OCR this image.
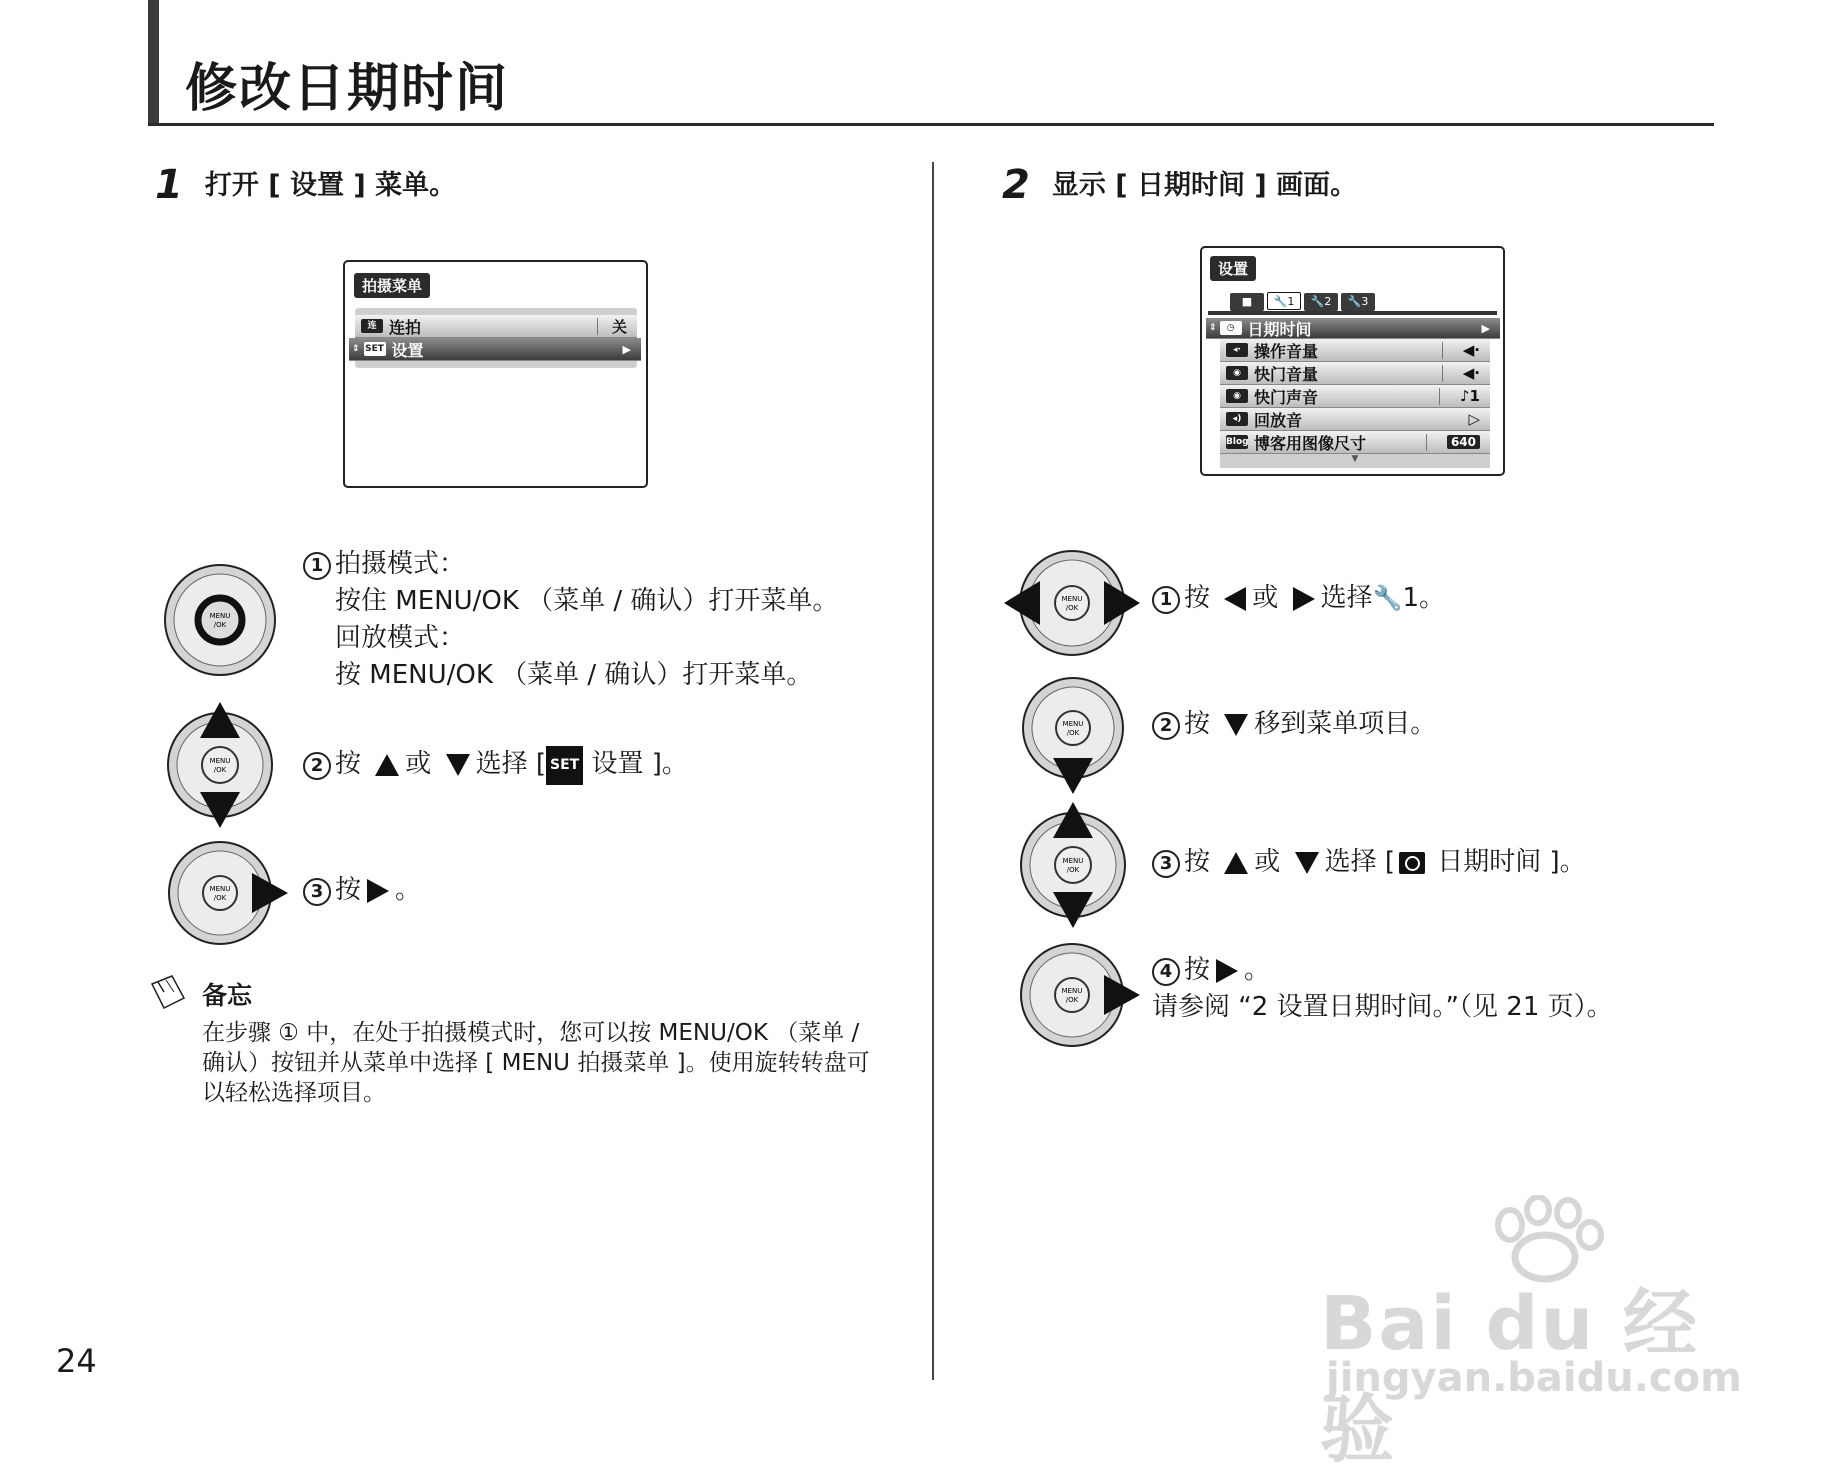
修改日期时间
1 打开 [ 设置 ] 菜单。
拍摄菜单
连 连拍	关
⇕ SET 设置	▶
MENU
/OK
1 拍摄模式：
按住 MENU/OK （菜单 / 确认）打开菜单。
回放模式：
按 MENU/OK （菜单 / 确认）打开菜单。
MENU
/OK	2 按 或 选择 [ SET 设置 ]。
MENU
/OK	3 按 。
备忘
在步骤 ① 中，在处于拍摄模式时，您可以按 MENU/OK （菜单 / 确认）按钮并从菜单中选择 [ MENU 拍摄菜单 ]。使用旋转转盘可以轻松选择项目。
2 显示 [ 日期时间 ] 画面。
设置
■ 🔧1 🔧2 🔧3
⇕	◷ 日期时间	▶
◂· 操作音量	◀·
◉ 快门音量	◀·
◉ 快门声音	♪1
◂) 回放音	▷
Blog 博客用图像尺寸	640
▼
MENU
/OK	1 按 或 选择🔧1。
MENU
/OK	2 按 移到菜单项目。
MENU
/OK	3 按 或 选择 [ 日期时间 ]。
MENU
/OK
4 按 。
请参阅 “2 设置日期时间。”（见 21 页）。
24	Bai du 经验
jingyan.baidu.com
